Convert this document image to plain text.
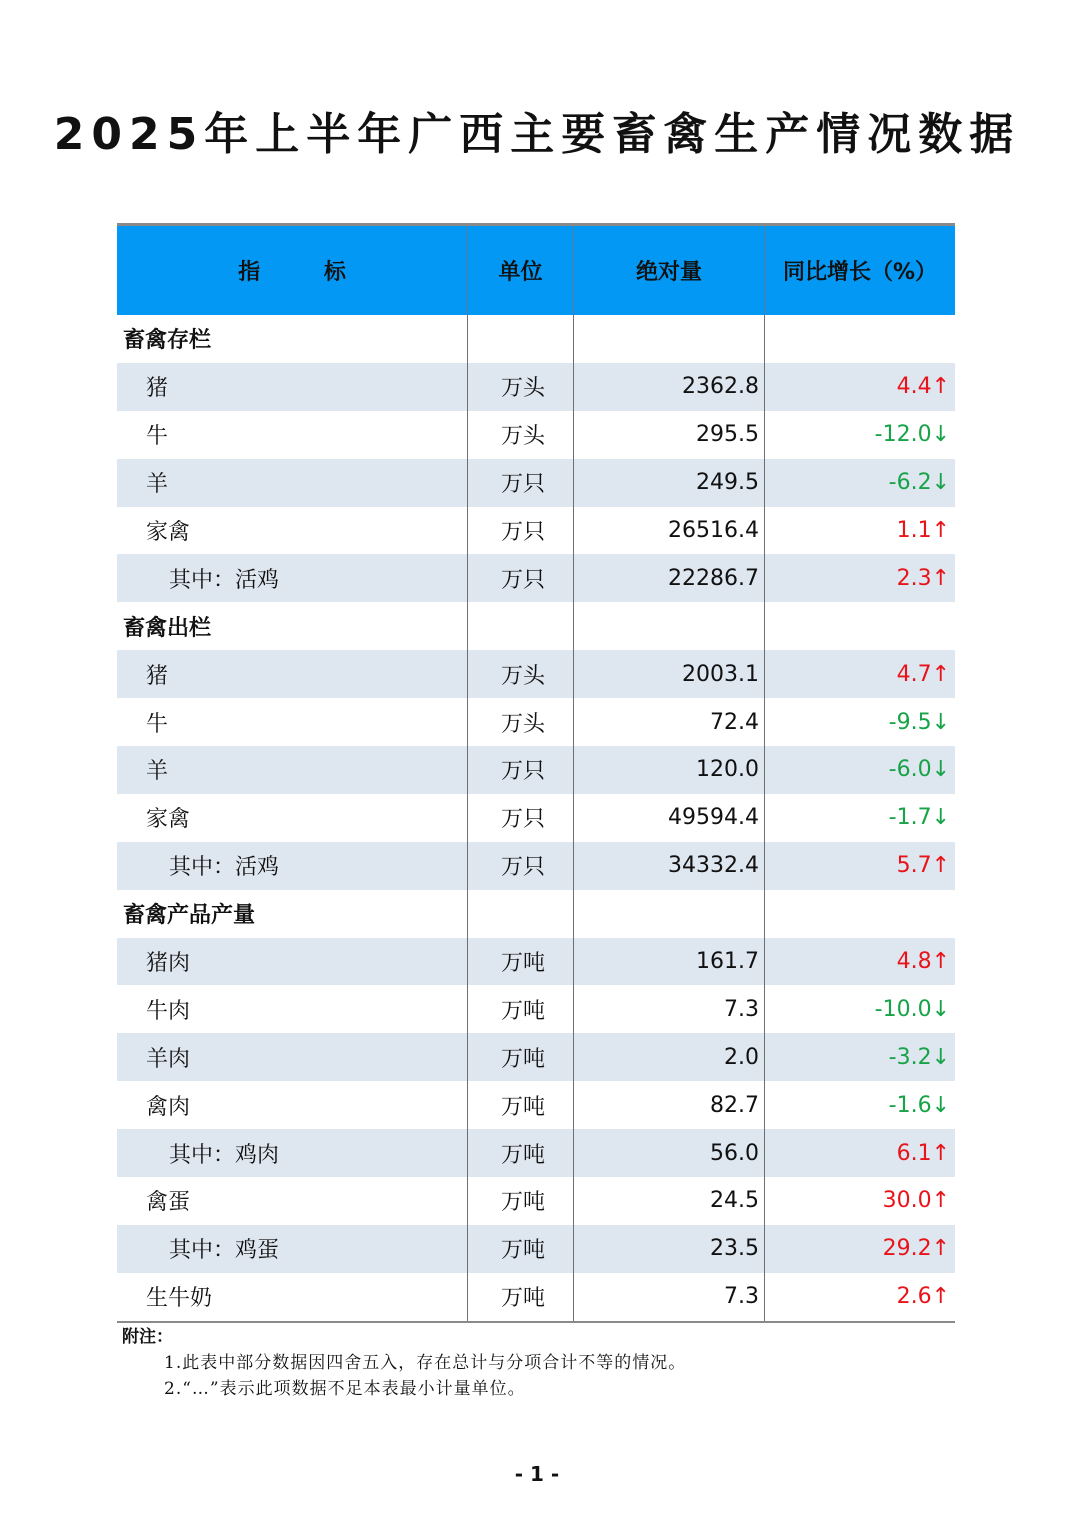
2025年上半年广西主要畜禽生产情况数据
指 标	单位	绝对量	同比增长（%）
畜禽存栏
猪	万头	2362.8	4.4↑
牛	万头	295.5	-12.0↓
羊	万只	249.5	-6.2↓
家禽	万只	26516.4	1.1↑
其中：活鸡	万只	22286.7	2.3↑
畜禽出栏
猪	万头	2003.1	4.7↑
牛	万头	72.4	-9.5↓
羊	万只	120.0	-6.0↓
家禽	万只	49594.4	-1.7↓
其中：活鸡	万只	34332.4	5.7↑
畜禽产品产量
猪肉	万吨	161.7	4.8↑
牛肉	万吨	7.3	-10.0↓
羊肉	万吨	2.0	-3.2↓
禽肉	万吨	82.7	-1.6↓
其中：鸡肉	万吨	56.0	6.1↑
禽蛋	万吨	24.5	30.0↑
其中：鸡蛋	万吨	23.5	29.2↑
生牛奶	万吨	7.3	2.6↑
附注：
1.此表中部分数据因四舍五入，存在总计与分项合计不等的情况。
2.“…”表示此项数据不足本表最小计量单位。
- 1 -
